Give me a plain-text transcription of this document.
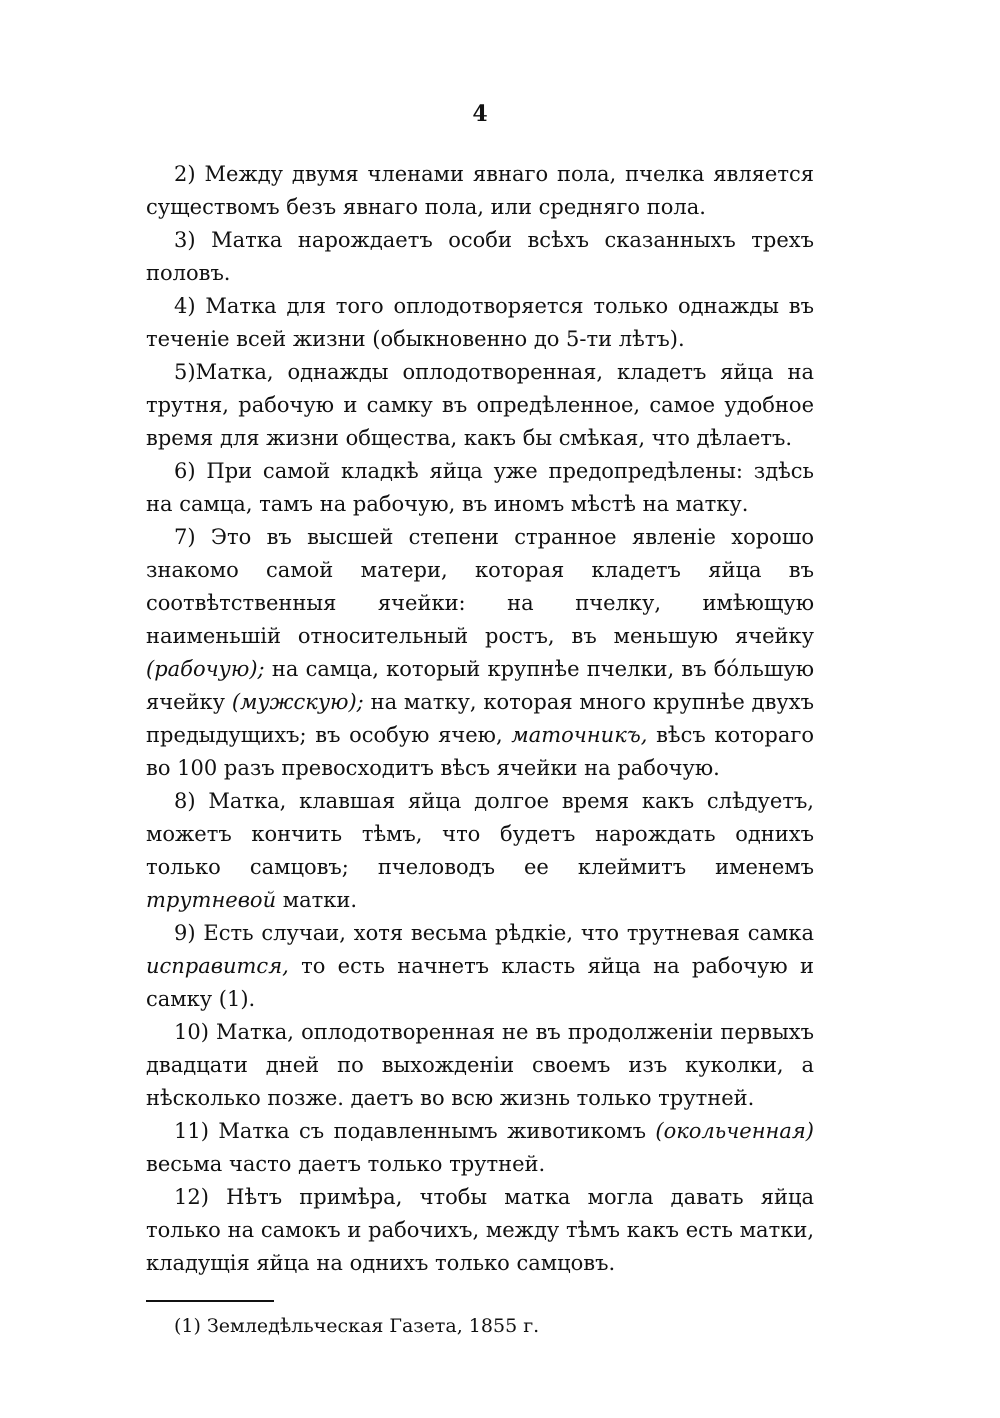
4

2) Между двумя членами явнаго пола, пчелка является существомъ безъ явнаго пола, или средняго пола.

3) Матка нарождаетъ особи всѣхъ сказанныхъ трехъ половъ.

4) Матка для того оплодотворяется только однажды въ теченіе всей жизни (обыкновенно до 5-ти лѣтъ).

5)Матка, однажды оплодотворенная, кладетъ яйца на трутня, рабочую и самку въ опредѣленное, самое удобное время для жизни общества, какъ бы смѣкая, что дѣлаетъ.

6) При самой кладкѣ яйца уже предопредѣлены: здѣсь на самца, тамъ на рабочую, въ иномъ мѣстѣ на матку.

7) Это въ высшей степени странное явленіе хорошо знакомо самой матери, которая кладетъ яйца въ соотвѣтственныя ячейки: на пчелку, имѣющую наименьшій относительный ростъ, въ меньшую ячейку (рабочую); на самца, который крупнѣе пчелки, въ бо́льшую ячейку (мужскую); на матку, которая много крупнѣе двухъ предыдущихъ; въ особую ячею, маточникъ, вѣсъ котораго во 100 разъ превосходитъ вѣсъ ячейки на рабочую.

8) Матка, клавшая яйца долгое время какъ слѣдуетъ, можетъ кончить тѣмъ, что будетъ нарождать однихъ только самцовъ; пчеловодъ ее клеймитъ именемъ трутневой матки.

9) Есть случаи, хотя весьма рѣдкіе, что трутневая самка исправится, то есть начнетъ класть яйца на рабочую и самку (1).

10) Матка, оплодотворенная не въ продолженіи первыхъ двадцати дней по выхожденіи своемъ изъ куколки, а нѣсколько позже. даетъ во всю жизнь только трутней.

11) Матка съ подавленнымъ животикомъ (окольченная) весьма часто даетъ только трутней.

12) Нѣтъ примѣра, чтобы матка могла давать яйца только на самокъ и рабочихъ, между тѣмъ какъ есть матки, кладущія яйца на однихъ только самцовъ.

(1) Земледѣльческая Газета, 1855 г.
